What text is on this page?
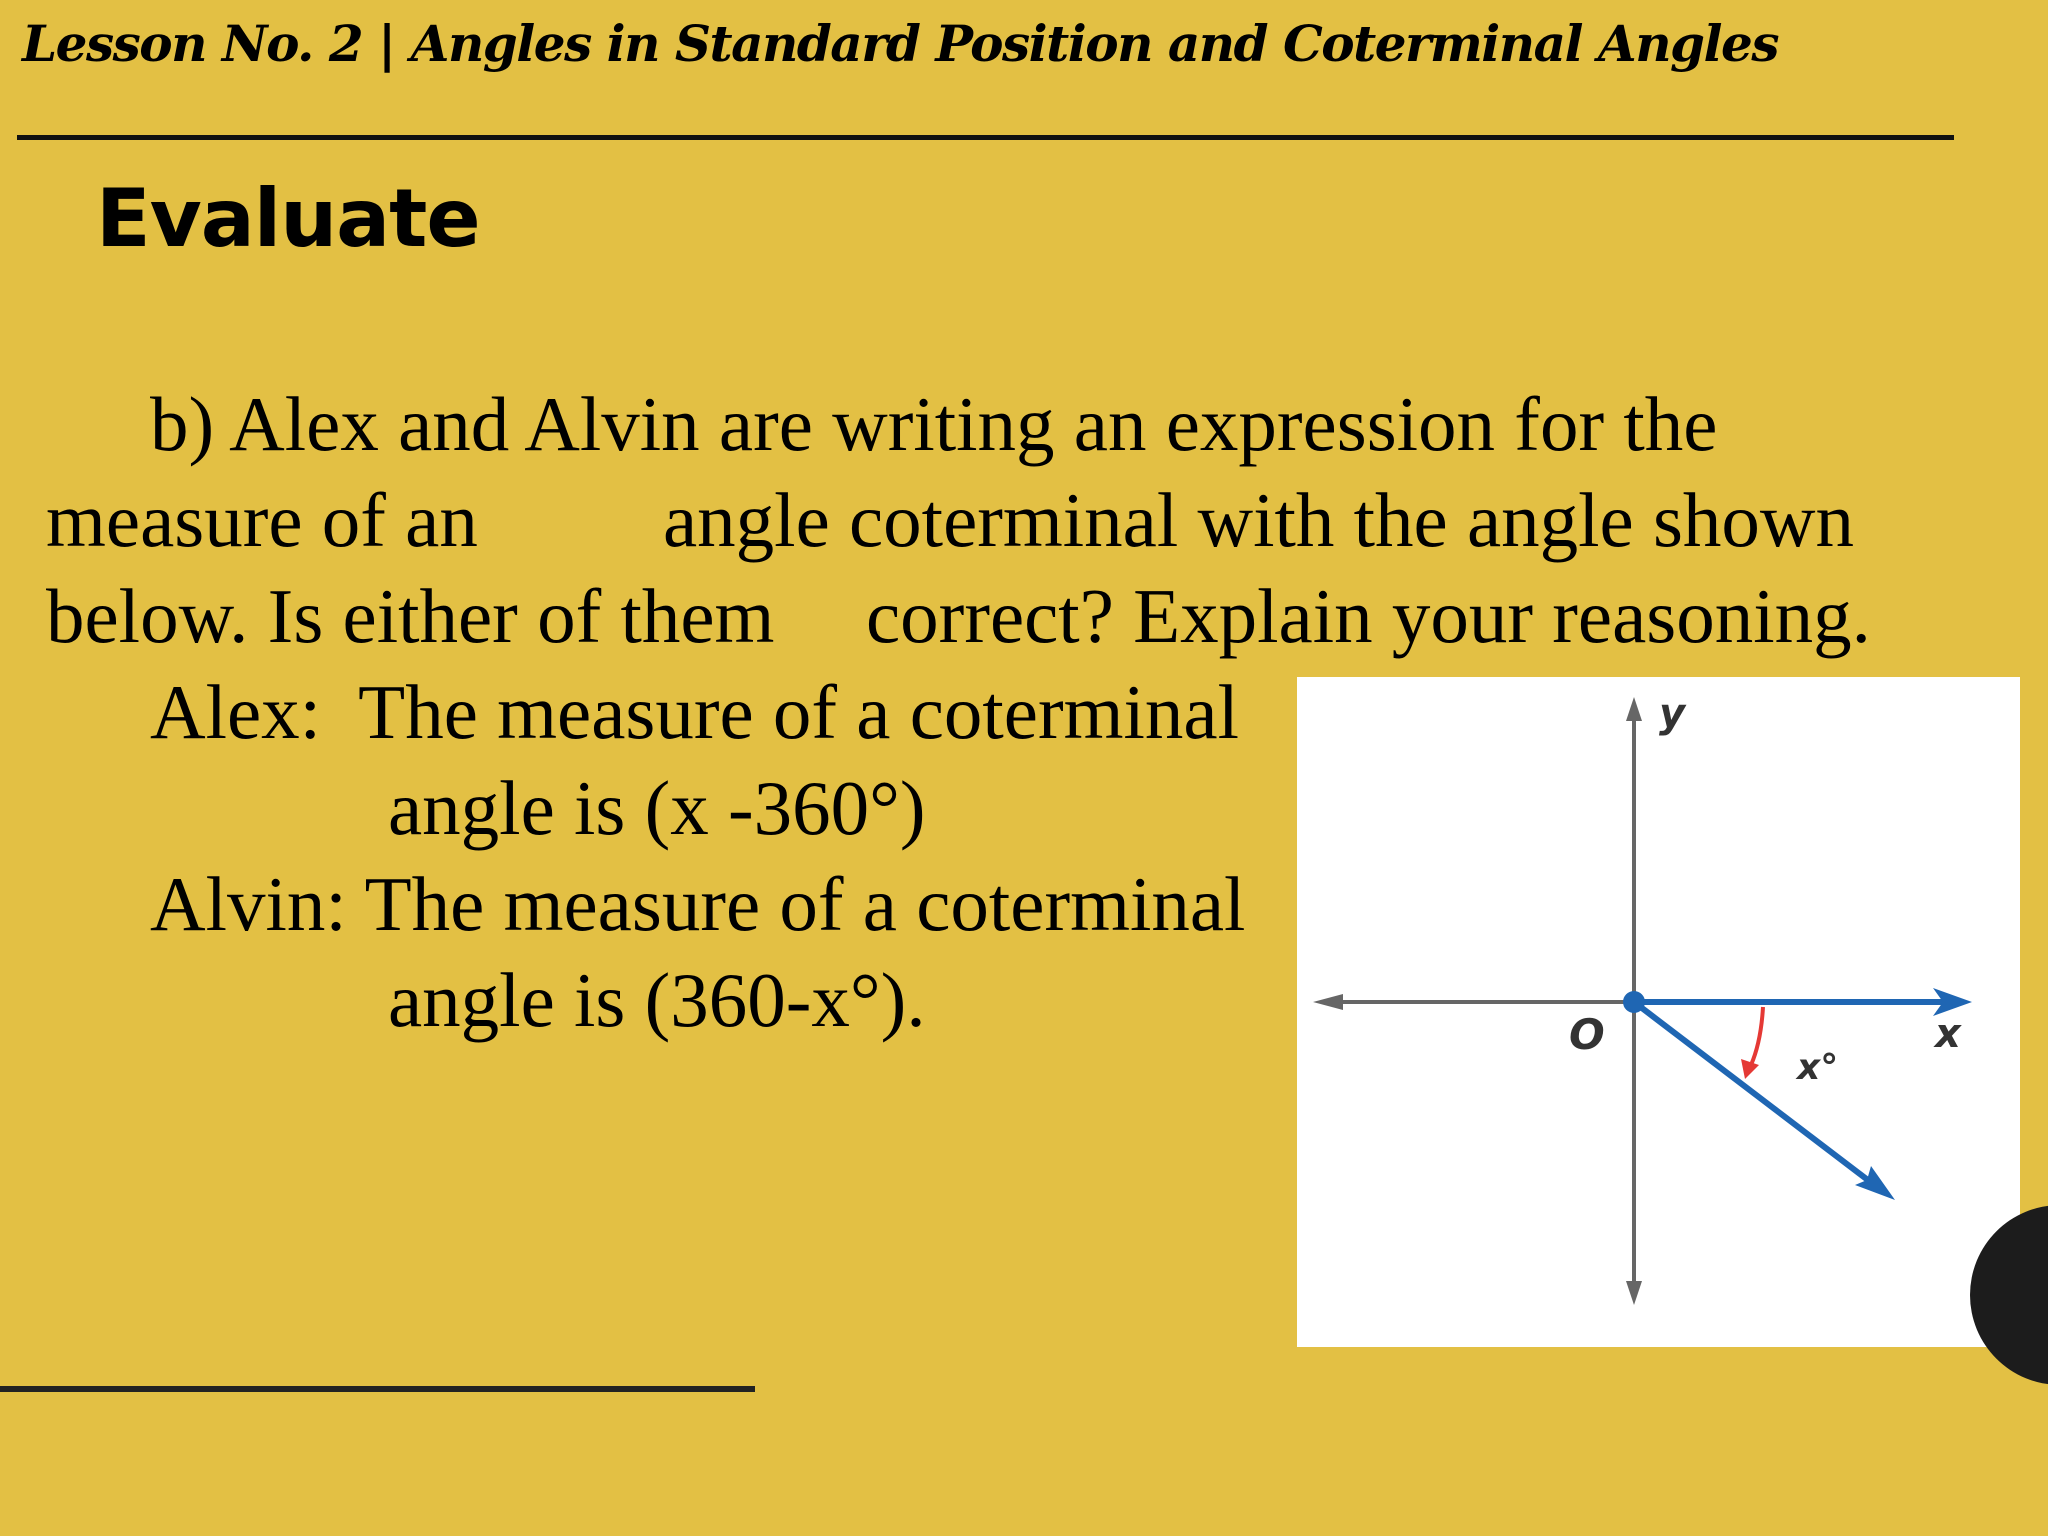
Lesson No. 2 | Angles in Standard Position and Coterminal Angles
Evaluate
b) Alex and Alvin are writing an expression for the
measure of an angle coterminal with the angle shown
below. Is either of them correct? Explain your reasoning.
Alex:  The measure of a coterminal
angle is (x -360°)
Alvin: The measure of a coterminal
angle is (360-x°).
y
x
O
x°
